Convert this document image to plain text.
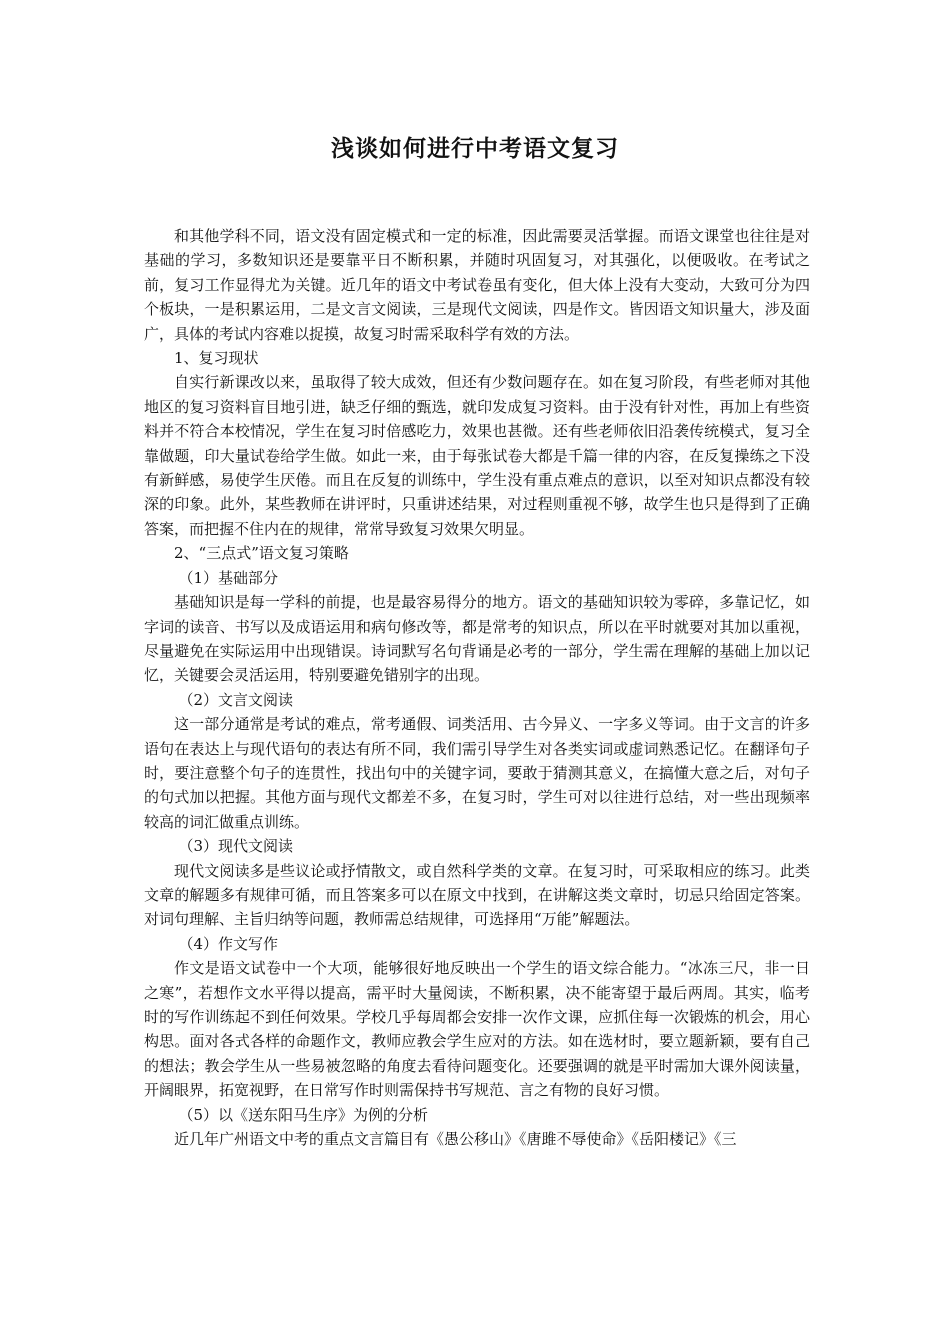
浅谈如何进行中考语文复习

和其他学科不同，语文没有固定模式和一定的标准，因此需要灵活掌握。而语文课堂也往往是对基础的学习，多数知识还是要靠平日不断积累，并随时巩固复习，对其强化，以便吸收。在考试之前，复习工作显得尤为关键。近几年的语文中考试卷虽有变化，但大体上没有大变动，大致可分为四个板块，一是积累运用，二是文言文阅读，三是现代文阅读，四是作文。皆因语文知识量大，涉及面广，具体的考试内容难以捉摸，故复习时需采取科学有效的方法。

1、复习现状

自实行新课改以来，虽取得了较大成效，但还有少数问题存在。如在复习阶段，有些老师对其他地区的复习资料盲目地引进，缺乏仔细的甄选，就印发成复习资料。由于没有针对性，再加上有些资料并不符合本校情况，学生在复习时倍感吃力，效果也甚微。还有些老师依旧沿袭传统模式，复习全靠做题，印大量试卷给学生做。如此一来，由于每张试卷大都是千篇一律的内容，在反复操练之下没有新鲜感，易使学生厌倦。而且在反复的训练中，学生没有重点难点的意识，以至对知识点都没有较深的印象。此外，某些教师在讲评时，只重讲述结果，对过程则重视不够，故学生也只是得到了正确答案，而把握不住内在的规律，常常导致复习效果欠明显。

2、“三点式”语文复习策略

（1）基础部分

基础知识是每一学科的前提，也是最容易得分的地方。语文的基础知识较为零碎，多靠记忆，如字词的读音、书写以及成语运用和病句修改等，都是常考的知识点，所以在平时就要对其加以重视，尽量避免在实际运用中出现错误。诗词默写名句背诵是必考的一部分，学生需在理解的基础上加以记忆，关键要会灵活运用，特别要避免错别字的出现。

（2）文言文阅读

这一部分通常是考试的难点，常考通假、词类活用、古今异义、一字多义等词。由于文言的许多语句在表达上与现代语句的表达有所不同，我们需引导学生对各类实词或虚词熟悉记忆。在翻译句子时，要注意整个句子的连贯性，找出句中的关键字词，要敢于猜测其意义，在搞懂大意之后，对句子的句式加以把握。其他方面与现代文都差不多，在复习时，学生可对以往进行总结，对一些出现频率较高的词汇做重点训练。

（3）现代文阅读

现代文阅读多是些议论或抒情散文，或自然科学类的文章。在复习时，可采取相应的练习。此类文章的解题多有规律可循，而且答案多可以在原文中找到，在讲解这类文章时，切忌只给固定答案。对词句理解、主旨归纳等问题，教师需总结规律，可选择用“万能”解题法。

（4）作文写作

作文是语文试卷中一个大项，能够很好地反映出一个学生的语文综合能力。“冰冻三尺，非一日之寒”，若想作文水平得以提高，需平时大量阅读，不断积累，决不能寄望于最后两周。其实，临考时的写作训练起不到任何效果。学校几乎每周都会安排一次作文课，应抓住每一次锻炼的机会，用心构思。面对各式各样的命题作文，教师应教会学生应对的方法。如在选材时，要立题新颖，要有自己的想法；教会学生从一些易被忽略的角度去看待问题变化。还要强调的就是平时需加大课外阅读量，开阔眼界，拓宽视野，在日常写作时则需保持书写规范、言之有物的良好习惯。

（5）以《送东阳马生序》为例的分析

近几年广州语文中考的重点文言篇目有《愚公移山》《唐雎不辱使命》《岳阳楼记》《三
